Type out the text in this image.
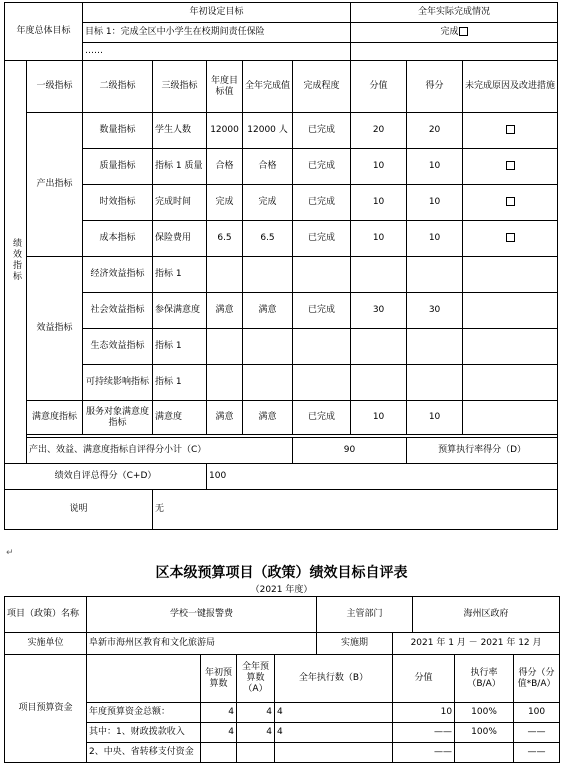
年度总体目标		年初设定目标					全年实际完成情况			
		目标 1：完成全区中小学生在校期间责任保险					完成			
		……								
绩效指标	一级指标	二级指标	三级指标	年度目标值	全年完成值	完成程度	分值	得分	未完成原因及改进措施	
	产出指标	数量指标	学生人数	12000	12000 人	已完成	20	20		
		质量指标	指标 1 质量	合格	合格	已完成	10	10		
		时效指标	完成时间	完成	完成	已完成	10	10		
		成本指标	保险费用	6.5	6.5	已完成	10	10		
	效益指标	经济效益指标	指标 1							
		社会效益指标	参保满意度	满意	满意	已完成	30	30		
		生态效益指标	指标 1							
		可持续影响指标	指标 1							
	满意度指标	服务对象满意度指标	满意度	满意	满意	已完成	10	10		

	产出、效益、满意度指标自评得分小计（C）					90		预算执行率得分（D）	
绩效自评总得分（C+D）				100						
说明			无							
↵
区本级预算项目（政策）绩效目标自评表
（2021 年度）
项目（政策）名称	学校一键报警费				主管部门		海州区政府		
实施单位	阜新市海州区教育和文化旅游局				实施期	2021 年 1 月 － 2021 年 12 月			
项目预算资金		年初预算数	全年预算数（A）	全年执行数（B）		分值		执行率（B/A）	得分（分值*B/A）
	年度预算资金总额：	4	4	4		10		100%	100
	其中：1、财政拨款收入	4	4	4		——		100%	——
	2、中央、省转移支付资金					——			——
